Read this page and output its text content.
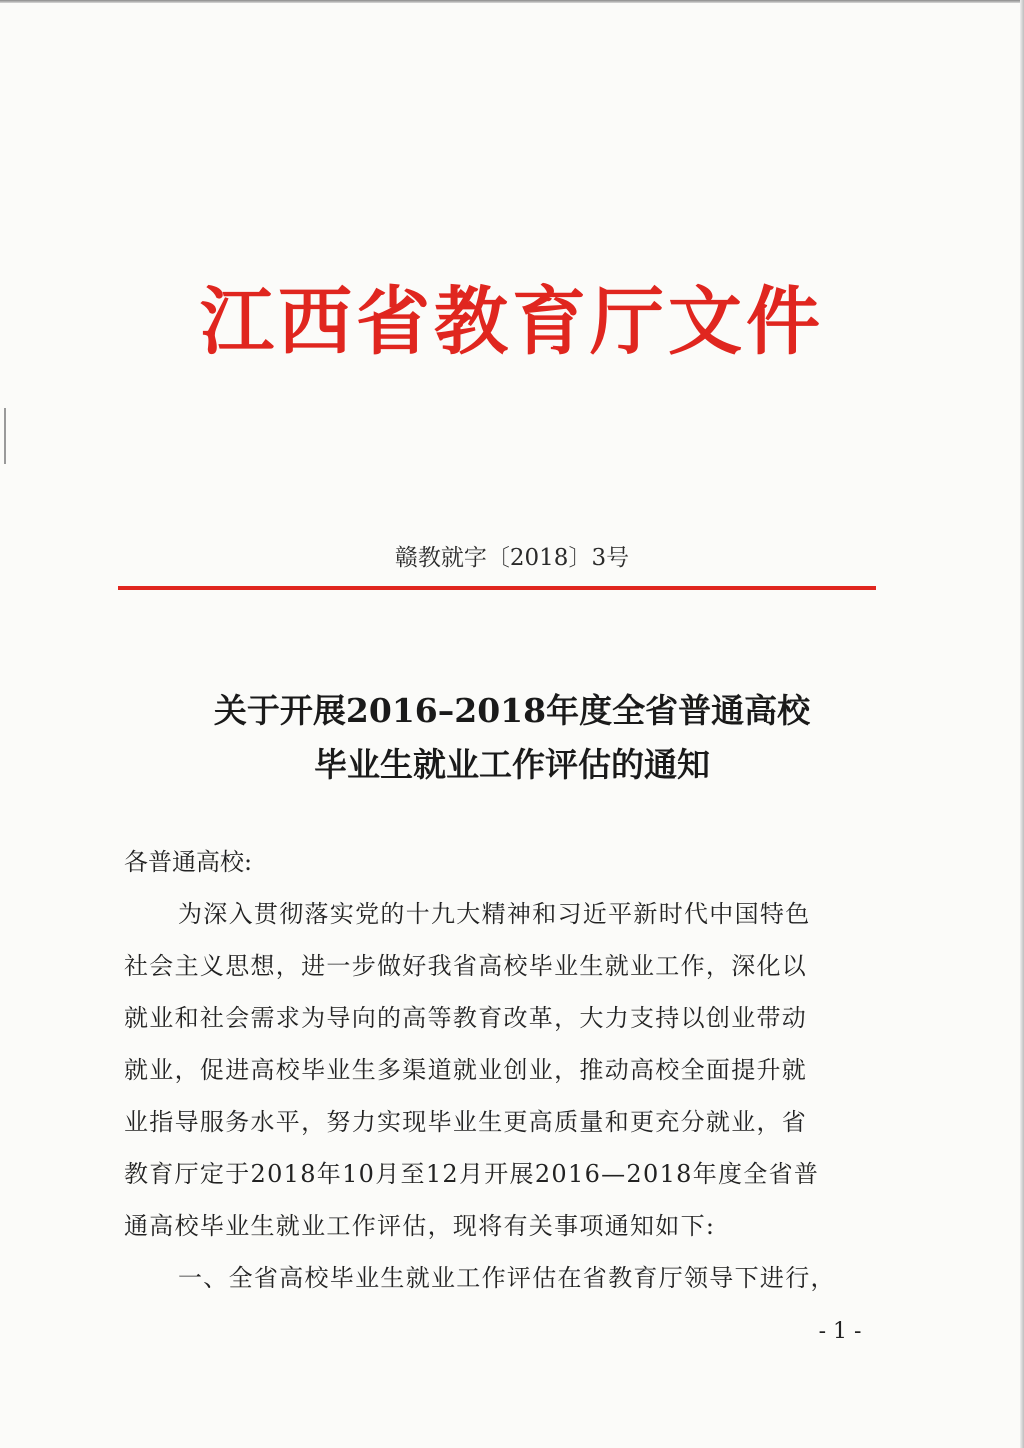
江西省教育厅文件
赣教就字〔2018〕3号
关于开展2016–2018年度全省普通高校
毕业生就业工作评估的通知
各普通高校:
为深入贯彻落实党的十九大精神和习近平新时代中国特色
社会主义思想，进一步做好我省高校毕业生就业工作，深化以
就业和社会需求为导向的高等教育改革，大力支持以创业带动
就业，促进高校毕业生多渠道就业创业，推动高校全面提升就
业指导服务水平，努力实现毕业生更高质量和更充分就业，省
教育厅定于2018年10月至12月开展2016—2018年度全省普
通高校毕业生就业工作评估，现将有关事项通知如下:
一、全省高校毕业生就业工作评估在省教育厅领导下进行，
- 1 -
